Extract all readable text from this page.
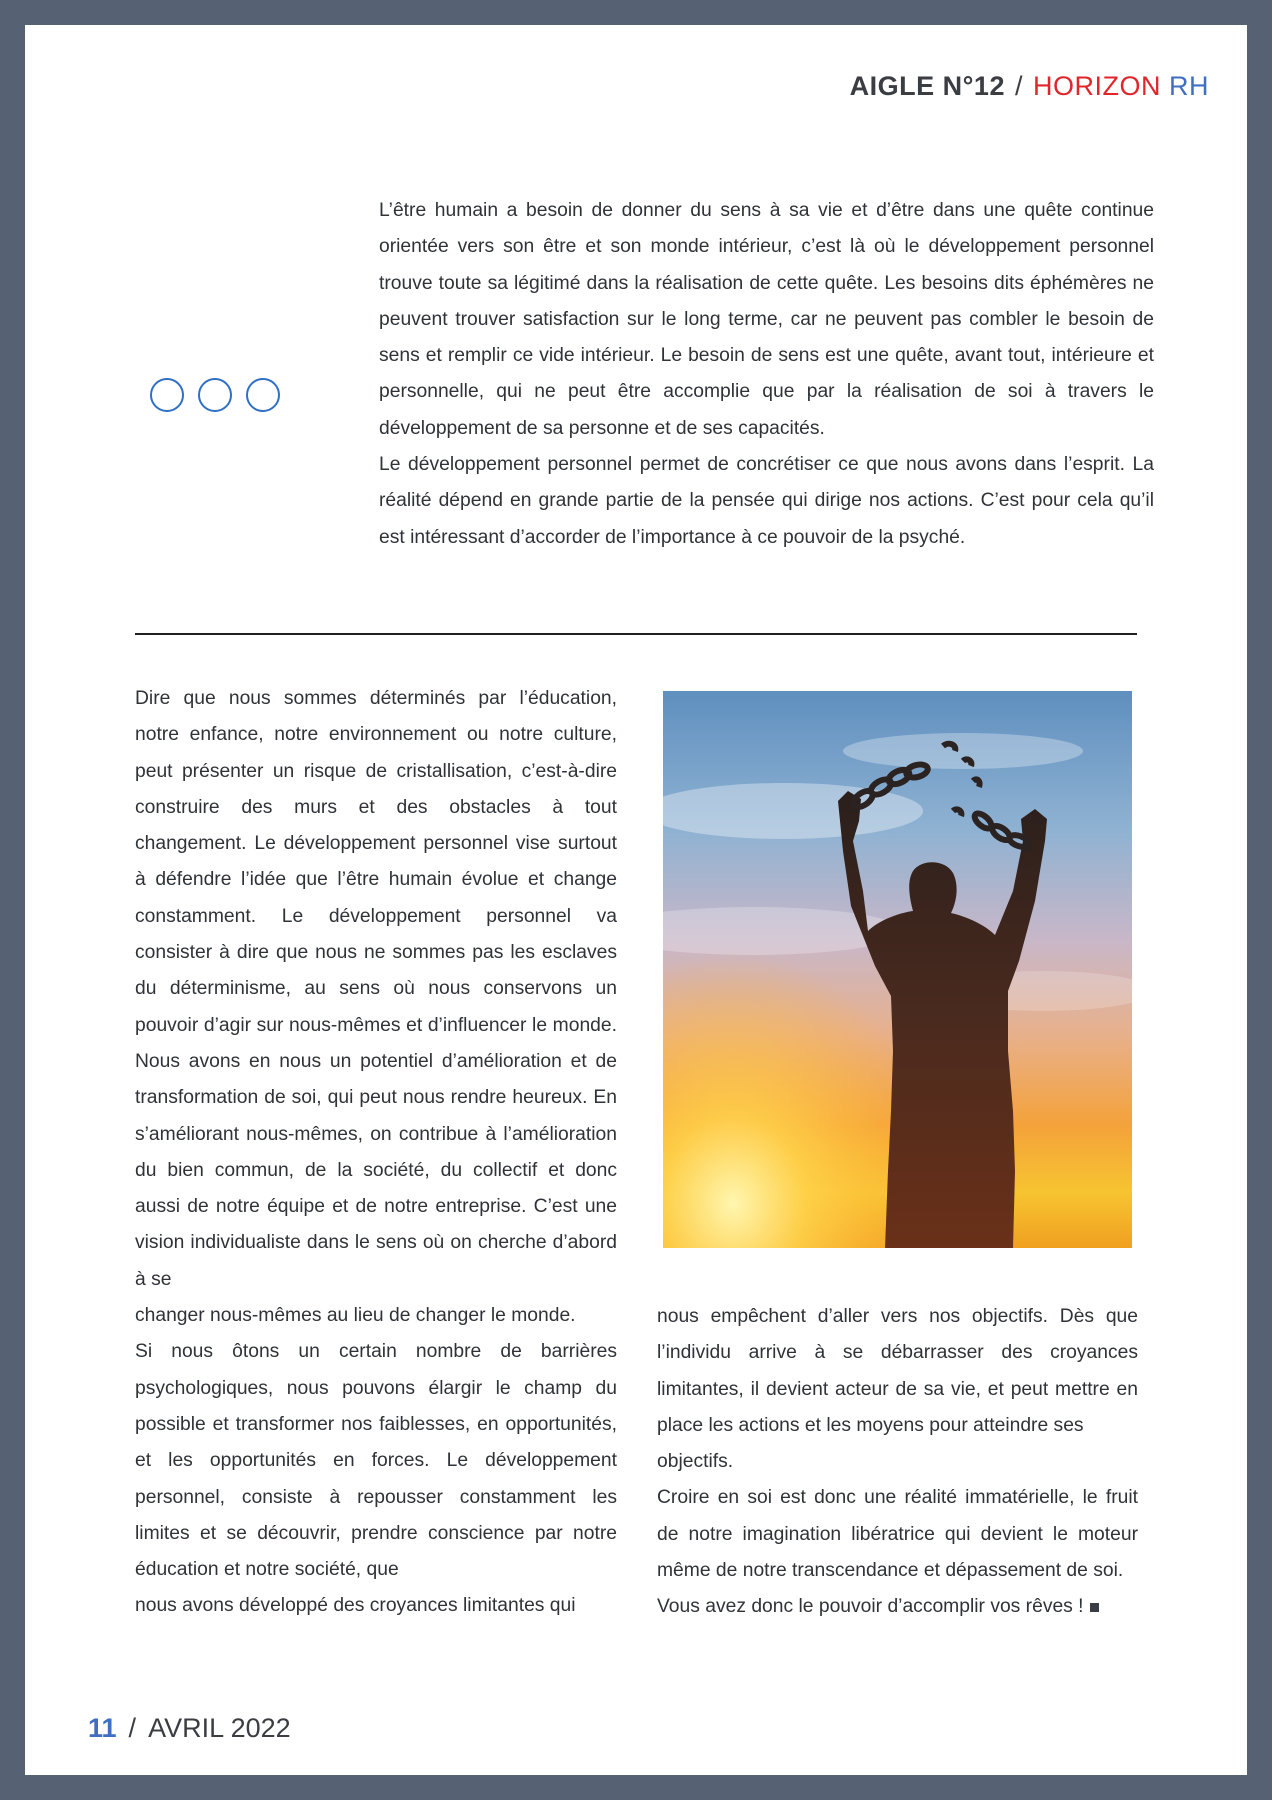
AIGLE N°12 / HORIZON RH

L’être humain a besoin de donner du sens à sa vie et d’être dans une quête continue orientée vers son être et son monde intérieur, c’est là où le développement personnel trouve toute sa légitimé dans la réalisation de cette quête. Les besoins dits éphémères ne peuvent trouver satisfaction sur le long terme, car ne peuvent pas combler le besoin de sens et remplir ce vide intérieur. Le besoin de sens est une quête, avant tout, intérieure et personnelle, qui ne peut être accomplie que par la réalisation de soi à travers le développement de sa personne et de ses capacités.

Le développement personnel permet de concrétiser ce que nous avons dans l’esprit. La réalité dépend en grande partie de la pensée qui dirige nos actions. C’est pour cela qu’il est intéressant d’accorder de l’importance à ce pouvoir de la psyché.

Dire que nous sommes déterminés par l’éducation, notre enfance, notre environnement ou notre culture, peut présenter un risque de cristallisation, c’est-à-dire construire des murs et des obstacles à tout changement. Le développement personnel vise surtout à défendre l’idée que l’être humain évolue et change constamment. Le développement personnel va consister à dire que nous ne sommes pas les esclaves du déterminisme, au sens où nous conservons un pouvoir d’agir sur nous-mêmes et d’influencer le monde. Nous avons en nous un potentiel d’amélioration et de transformation de soi, qui peut nous rendre heureux. En s’améliorant nous-mêmes, on contribue à l’amélioration du bien commun, de la société, du collectif et donc aussi de notre équipe et de notre entreprise. C’est une vision individualiste dans le sens où on cherche d’abord à se

changer nous-mêmes au lieu de changer le monde.

Si nous ôtons un certain nombre de barrières psychologiques, nous pouvons élargir le champ du possible et transformer nos faiblesses, en opportunités, et les opportunités en forces. Le développement personnel, consiste à repousser constamment les limites et se découvrir, prendre conscience par notre éducation et notre société, que

nous avons développé des croyances limitantes qui

nous empêchent d’aller vers nos objectifs. Dès que l’individu arrive à se débarrasser des croyances limitantes, il devient acteur de sa vie, et peut mettre en place les actions et les moyens pour atteindre ses

objectifs.

Croire en soi est donc une réalité immatérielle, le fruit de notre imagination libératrice qui devient le moteur même de notre transcendance et dépassement de soi.

Vous avez donc le pouvoir d’accomplir vos rêves !

11 / AVRIL 2022
